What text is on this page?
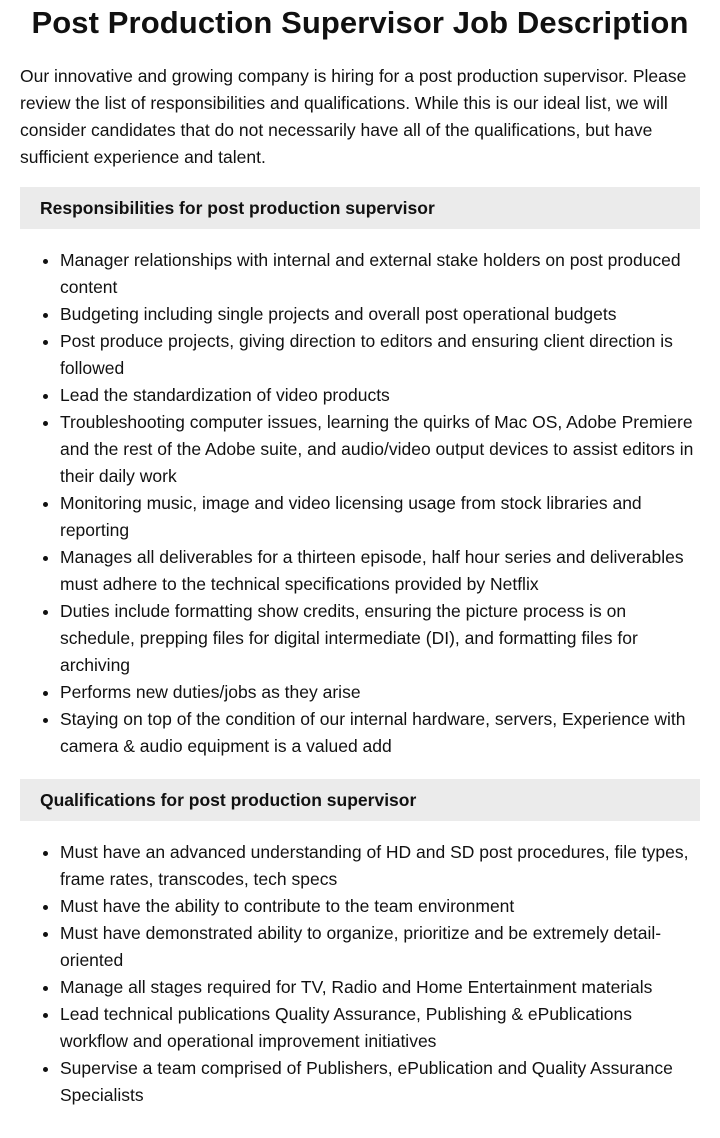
Post Production Supervisor Job Description

Our innovative and growing company is hiring for a post production supervisor. Please review the list of responsibilities and qualifications. While this is our ideal list, we will consider candidates that do not necessarily have all of the qualifications, but have sufficient experience and talent.

Responsibilities for post production supervisor
• Manager relationships with internal and external stake holders on post produced content
• Budgeting including single projects and overall post operational budgets
• Post produce projects, giving direction to editors and ensuring client direction is followed
• Lead the standardization of video products
• Troubleshooting computer issues, learning the quirks of Mac OS, Adobe Premiere and the rest of the Adobe suite, and audio/video output devices to assist editors in their daily work
• Monitoring music, image and video licensing usage from stock libraries and reporting
• Manages all deliverables for a thirteen episode, half hour series and deliverables must adhere to the technical specifications provided by Netflix
• Duties include formatting show credits, ensuring the picture process is on schedule, prepping files for digital intermediate (DI), and formatting files for archiving
• Performs new duties/jobs as they arise
• Staying on top of the condition of our internal hardware, servers, Experience with camera & audio equipment is a valued add
Qualifications for post production supervisor
• Must have an advanced understanding of HD and SD post procedures, file types, frame rates, transcodes, tech specs
• Must have the ability to contribute to the team environment
• Must have demonstrated ability to organize, prioritize and be extremely detail-oriented
• Manage all stages required for TV, Radio and Home Entertainment materials
• Lead technical publications Quality Assurance, Publishing & ePublications workflow and operational improvement initiatives
• Supervise a team comprised of Publishers, ePublication and Quality Assurance Specialists
